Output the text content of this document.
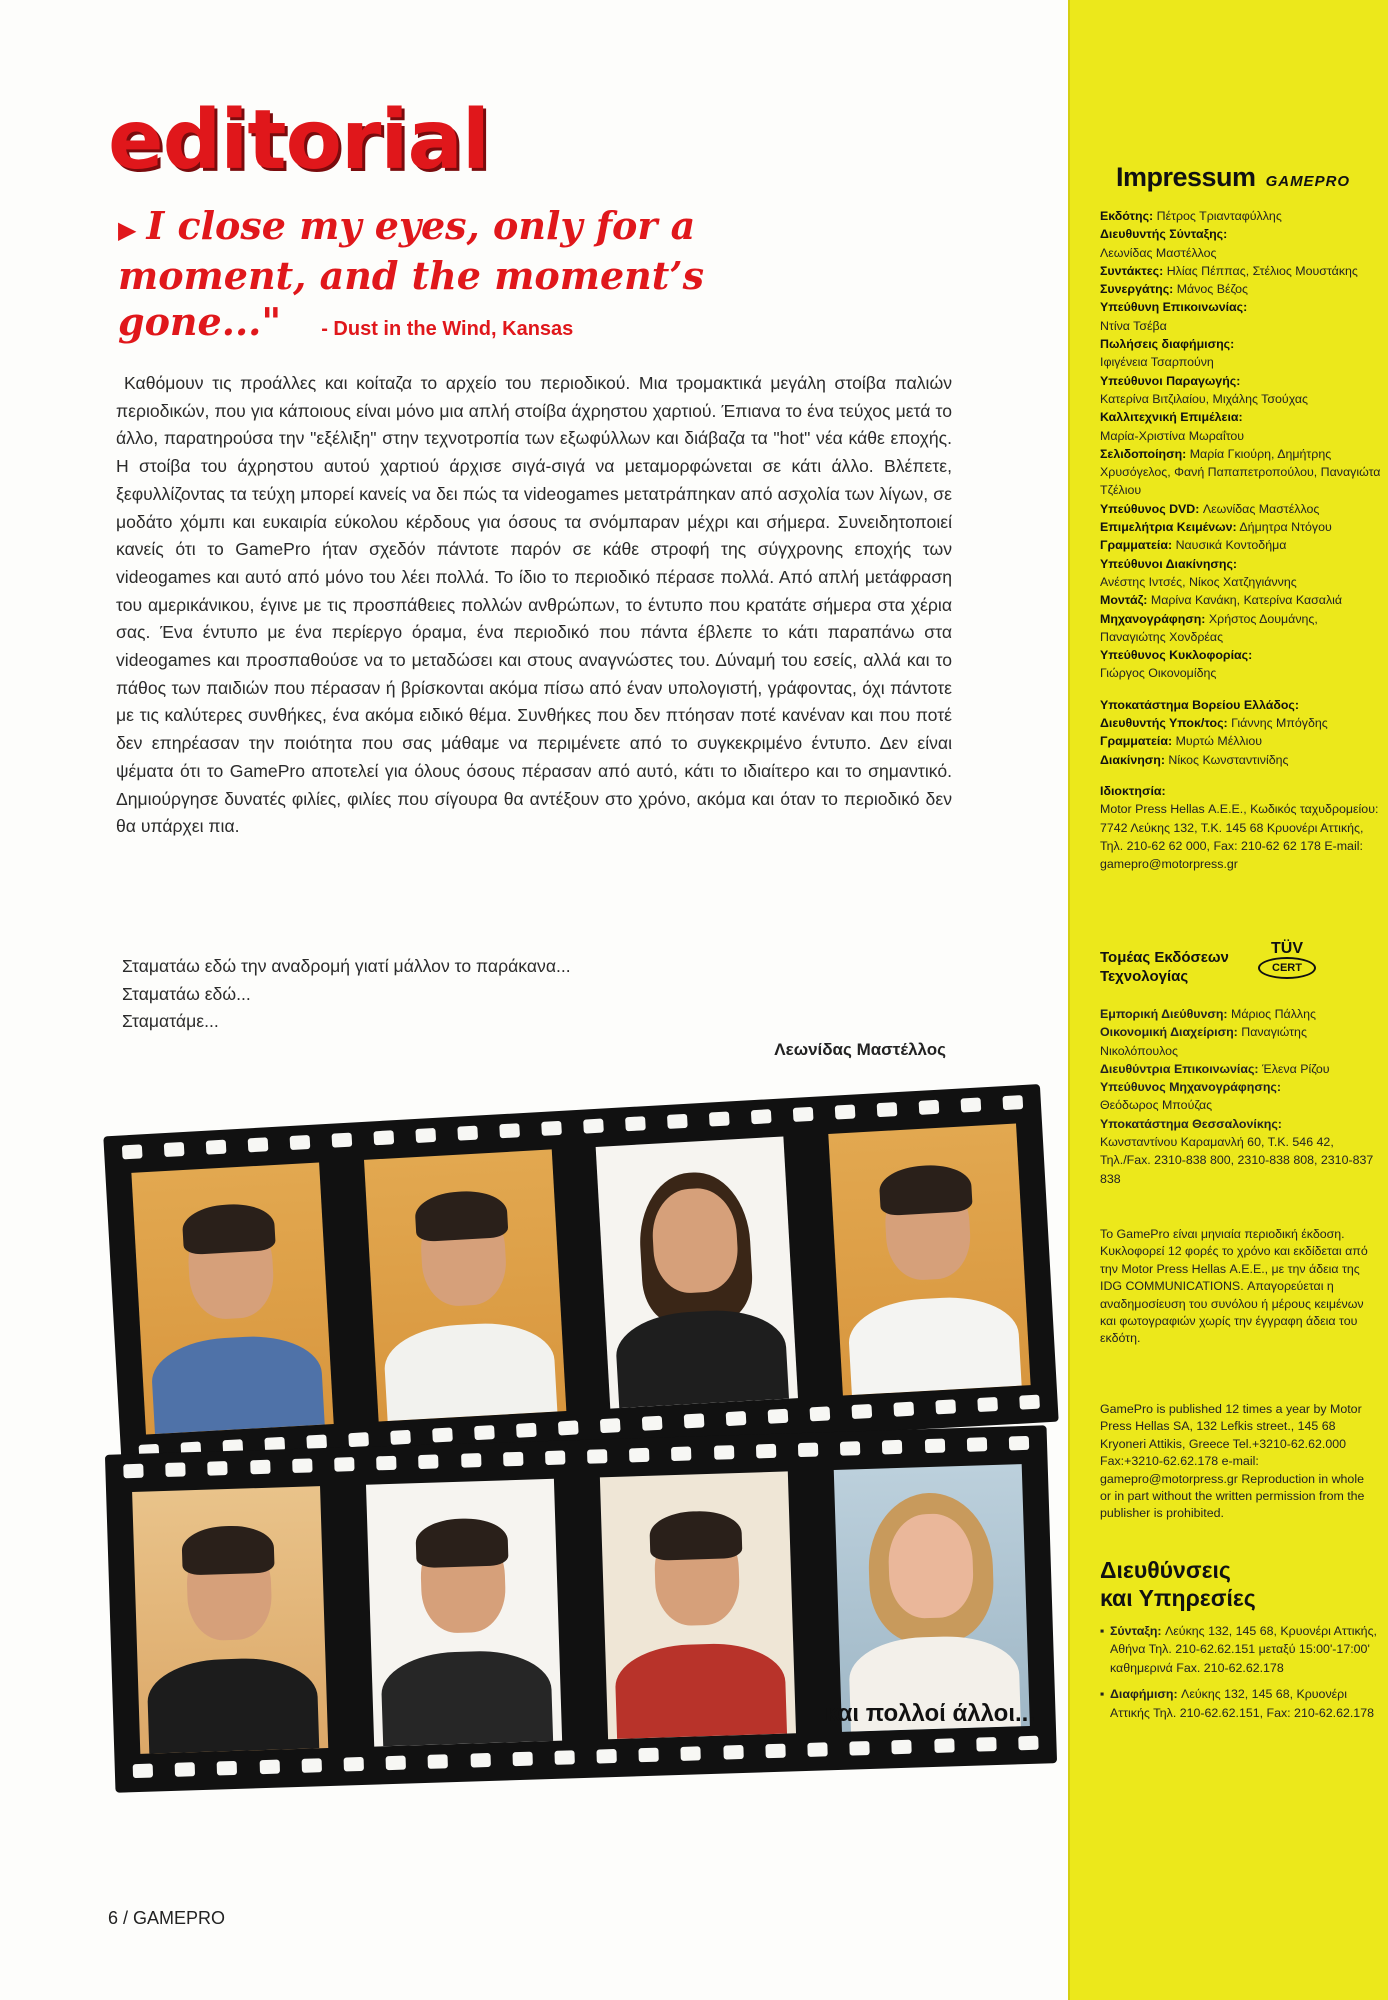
editorial
▶ I close my eyes, only for a moment, and the moment’s gone..." - Dust in the Wind, Kansas

Καθόμουν τις προάλλες και κοίταζα το αρχείο του περιοδικού. Μια τρομακτικά μεγάλη στοίβα παλιών περιοδικών, που για κάποιους είναι μόνο μια απλή στοίβα άχρηστου χαρτιού. Έπιανα το ένα τεύχος μετά το άλλο, παρατηρούσα την "εξέλιξη" στην τεχνοτροπία των εξωφύλλων και διάβαζα τα "hot" νέα κάθε εποχής. Η στοίβα του άχρηστου αυτού χαρτιού άρχισε σιγά-σιγά να μεταμορφώνεται σε κάτι άλλο. Βλέπετε, ξεφυλλίζοντας τα τεύχη μπορεί κανείς να δει πώς τα videogames μετατράπηκαν από ασχολία των λίγων, σε μοδάτο χόμπι και ευκαιρία εύκολου κέρδους για όσους τα σνόμπαραν μέχρι και σήμερα. Συνειδητοποιεί κανείς ότι το GamePro ήταν σχεδόν πάντοτε παρόν σε κάθε στροφή της σύγχρονης εποχής των videogames και αυτό από μόνο του λέει πολλά. Το ίδιο το περιοδικό πέρασε πολλά. Από απλή μετάφραση του αμερικάνικου, έγινε με τις προσπάθειες πολλών ανθρώπων, το έντυπο που κρατάτε σήμερα στα χέρια σας. Ένα έντυπο με ένα περίεργο όραμα, ένα περιοδικό που πάντα έβλεπε το κάτι παραπάνω στα videogames και προσπαθούσε να το μεταδώσει και στους αναγνώστες του. Δύναμή του εσείς, αλλά και το πάθος των παιδιών που πέρασαν ή βρίσκονται ακόμα πίσω από έναν υπολογιστή, γράφοντας, όχι πάντοτε με τις καλύτερες συνθήκες, ένα ακόμα ειδικό θέμα. Συνθήκες που δεν πτόησαν ποτέ κανέναν και που ποτέ δεν επηρέασαν την ποιότητα που σας μάθαμε να περιμένετε από το συγκεκριμένο έντυπο. Δεν είναι ψέματα ότι το GamePro αποτελεί για όλους όσους πέρασαν από αυτό, κάτι το ιδιαίτερο και το σημαντικό. Δημιούργησε δυνατές φιλίες, φιλίες που σίγουρα θα αντέξουν στο χρόνο, ακόμα και όταν το περιοδικό δεν θα υπάρχει πια.

Σταματάω εδώ την αναδρομή γιατί μάλλον το παράκανα...
Σταματάω εδώ...
Σταματάμε...
Λεωνίδας Μαστέλλος
και πολλοί άλλοι...
6 / GAMEPRO
Impressum GAMEPRO
Εκδότης: Πέτρος Τριανταφύλλης
Διευθυντής Σύνταξης:
Λεωνίδας Μαστέλλος
Συντάκτες: Ηλίας Πέππας, Στέλιος Μουστάκης
Συνεργάτης: Μάνος Βέζος
Υπεύθυνη Επικοινωνίας:
Ντίνα Τσέβα
Πωλήσεις διαφήμισης:
Ιφιγένεια Τσαρπούνη
Υπεύθυνοι Παραγωγής:
Κατερίνα Βιτζιλαίου, Μιχάλης Τσούχας
Καλλιτεχνική Επιμέλεια:
Μαρία-Χριστίνα Μωραΐτου
Σελιδοποίηση: Μαρία Γκιούρη, Δημήτρης Χρυσόγελος, Φανή Παπαπετροπούλου, Παναγιώτα Τζέλιου
Υπεύθυνος DVD: Λεωνίδας Μαστέλλος
Επιμελήτρια Κειμένων: Δήμητρα Ντόγου
Γραμματεία: Ναυσικά Κοντοδήμα
Υπεύθυνοι Διακίνησης:
Ανέστης Ιντσές, Νίκος Χατζηγιάννης
Μοντάζ: Μαρίνα Κανάκη, Κατερίνα Κασαλιά
Μηχανογράφηση: Χρήστος Δουμάνης, Παναγιώτης Χονδρέας
Υπεύθυνος Κυκλοφορίας:
Γιώργος Οικονομίδης
Υποκατάστημα Βορείου Ελλάδος:
Διευθυντής Υποκ/τος: Γιάννης Μπόγδης
Γραμματεία: Μυρτώ Μέλλιου
Διακίνηση: Νίκος Κωνσταντινίδης
Ιδιοκτησία:
Motor Press Hellas Α.Ε.Ε., Κωδικός ταχυδρομείου: 7742 Λεύκης 132, Τ.Κ. 145 68 Κρυονέρι Αττικής, Τηλ. 210-62 62 000, Fax: 210-62 62 178 E-mail: gamepro@motorpress.gr
Τομέας Εκδόσεων
Τεχνολογίας
TÜV
CERT
Εμπορική Διεύθυνση: Μάριος Πάλλης
Οικονομική Διαχείριση: Παναγιώτης Νικολόπουλος
Διευθύντρια Επικοινωνίας: Έλενα Ρίζου
Υπεύθυνος Μηχανογράφησης:
Θεόδωρος Μπούζας
Υποκατάστημα Θεσσαλονίκης:
Κωνσταντίνου Καραμανλή 60, Τ.Κ. 546 42, Τηλ./Fax. 2310-838 800, 2310-838 808, 2310-837 838
Το GamePro είναι μηνιαία περιοδική έκδοση. Κυκλοφορεί 12 φορές το χρόνο και εκδίδεται από την Motor Press Hellas Α.Ε.Ε., με την άδεια της IDG COMMUNICATIONS. Απαγορεύεται η αναδημοσίευση του συνόλου ή μέρους κειμένων και φωτογραφιών χωρίς την έγγραφη άδεια του εκδότη.
GamePro is published 12 times a year by Motor Press Hellas SA, 132 Lefkis street., 145 68 Kryoneri Attikis, Greece Tel.+3210-62.62.000 Fax:+3210-62.62.178 e-mail: gamepro@motorpress.gr Reproduction in whole or in part without the written permission from the publisher is prohibited.
Διευθύνσεις
και Υπηρεσίες
▪ Σύνταξη: Λεύκης 132, 145 68, Κρυονέρι Αττικής, Αθήνα Τηλ. 210-62.62.151 μεταξύ 15:00'-17:00' καθημερινά Fax. 210-62.62.178
▪ Διαφήμιση: Λεύκης 132, 145 68, Κρυονέρι Αττικής Τηλ. 210-62.62.151, Fax: 210-62.62.178
